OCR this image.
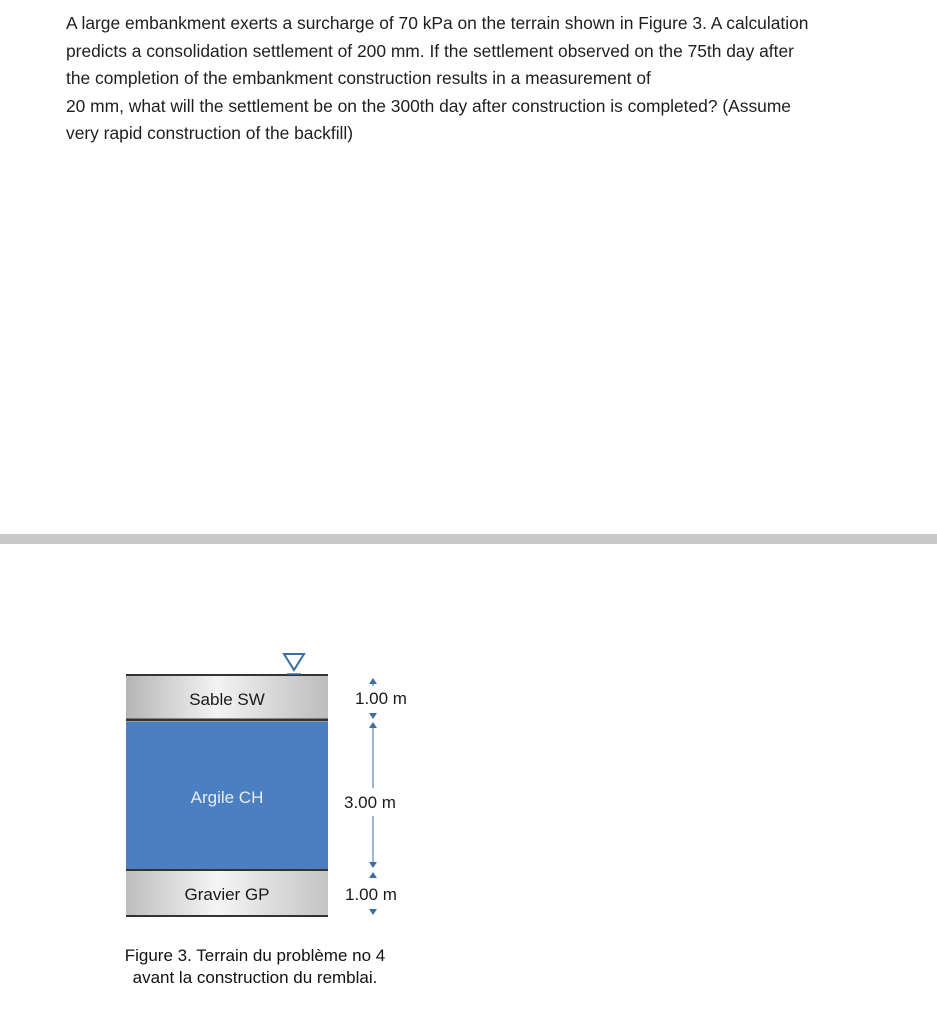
A large embankment exerts a surcharge of 70 kPa on the terrain shown in Figure 3. A calculation

predicts a consolidation settlement of 200 mm. If the settlement observed on the 75th day after

the completion of the embankment construction results in a measurement of

20 mm, what will the settlement be on the 300th day after construction is completed? (Assume

very rapid construction of the backfill)

Sable SW
Argile CH
Gravier GP
1.00 m
3.00 m
1.00 m
Figure 3. Terrain du problème no 4
avant la construction du remblai.
